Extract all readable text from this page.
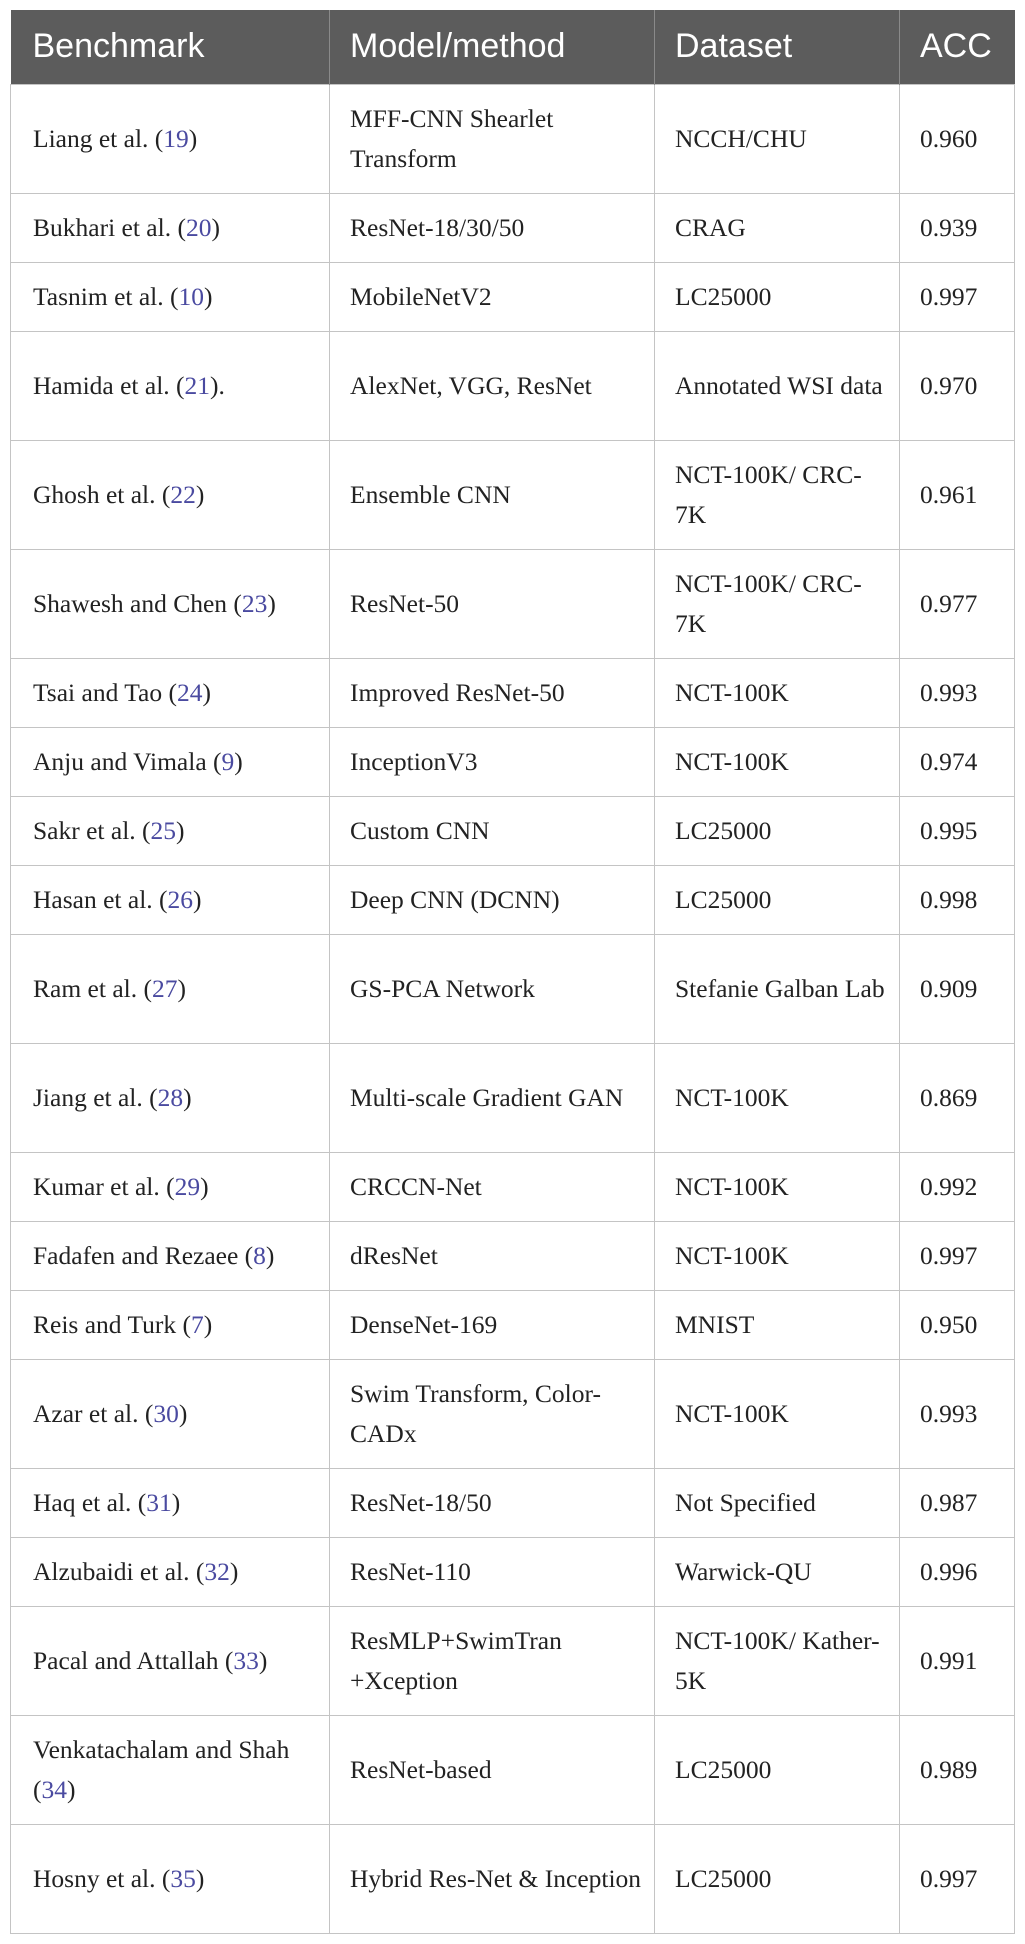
Benchmark	Model/method	Dataset	ACC
Liang et al. (19)	MFF-CNN Shearlet Transform	NCCH/CHU	0.960
Bukhari et al. (20)	ResNet-18/30/50	CRAG	0.939
Tasnim et al. (10)	MobileNetV2	LC25000	0.997
Hamida et al. (21).	AlexNet, VGG, ResNet	Annotated WSI data	0.970
Ghosh et al. (22)	Ensemble CNN	NCT-100K/ CRC-7K	0.961
Shawesh and Chen (23)	ResNet-50	NCT-100K/ CRC-7K	0.977
Tsai and Tao (24)	Improved ResNet-50	NCT-100K	0.993
Anju and Vimala (9)	InceptionV3	NCT-100K	0.974
Sakr et al. (25)	Custom CNN	LC25000	0.995
Hasan et al. (26)	Deep CNN (DCNN)	LC25000	0.998
Ram et al. (27)	GS-PCA Network	Stefanie Galban Lab	0.909
Jiang et al. (28)	Multi-scale Gradient GAN	NCT-100K	0.869
Kumar et al. (29)	CRCCN-Net	NCT-100K	0.992
Fadafen and Rezaee (8)	dResNet	NCT-100K	0.997
Reis and Turk (7)	DenseNet-169	MNIST	0.950
Azar et al. (30)	Swim Transform, Color-CADx	NCT-100K	0.993
Haq et al. (31)	ResNet-18/50	Not Specified	0.987
Alzubaidi et al. (32)	ResNet-110	Warwick-QU	0.996
Pacal and Attallah (33)	ResMLP+SwimTran +Xception	NCT-100K/ Kather-5K	0.991
Venkatachalam and Shah (34)	ResNet-based	LC25000	0.989
Hosny et al. (35)	Hybrid Res-Net & Inception	LC25000	0.997
